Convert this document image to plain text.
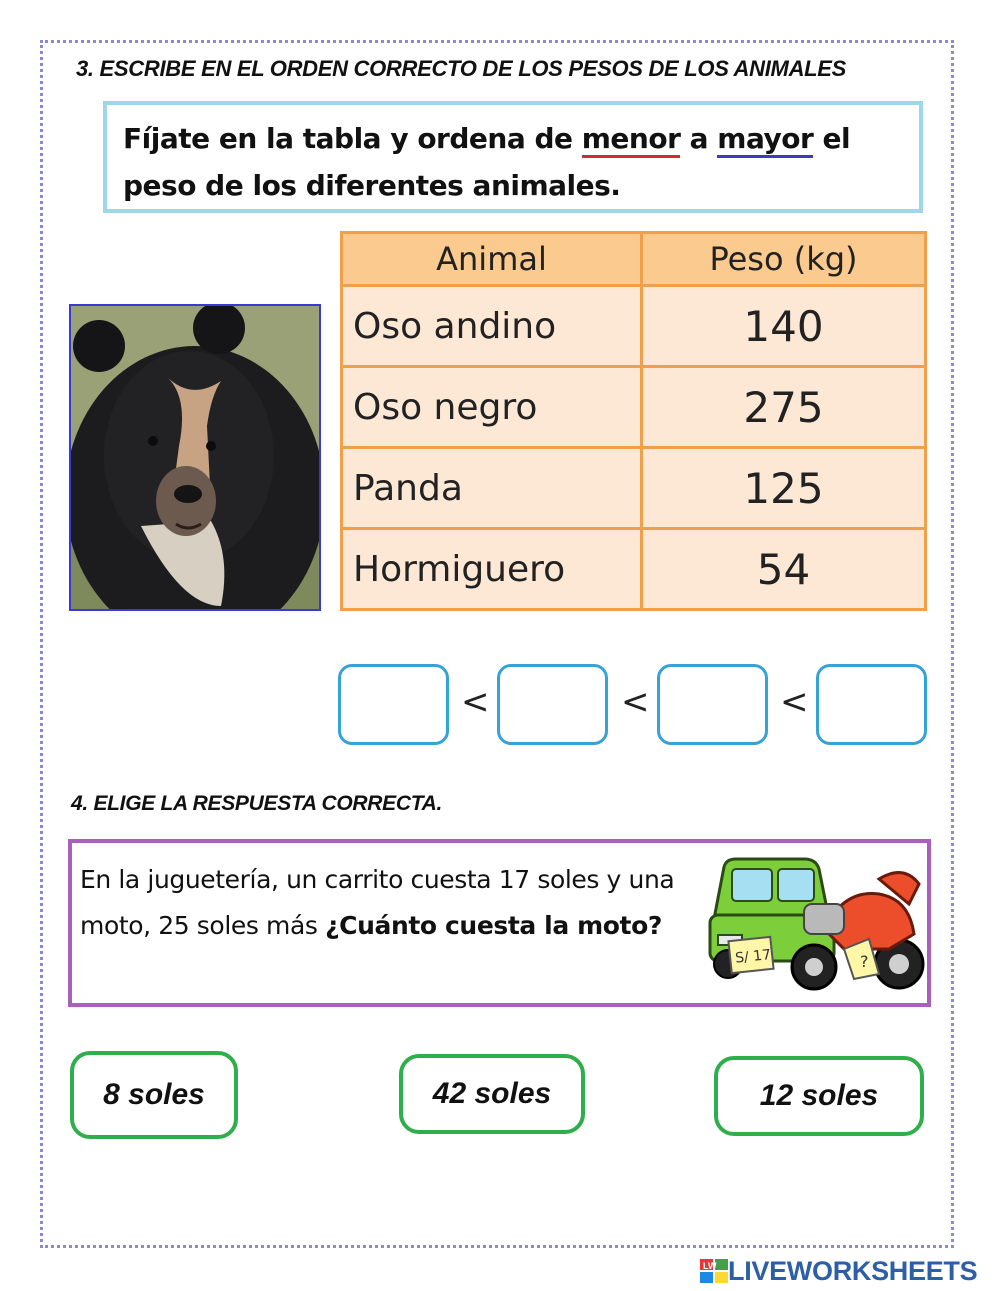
3. ESCRIBE EN EL ORDEN CORRECTO DE LOS PESOS DE LOS ANIMALES
Fíjate en la tabla y ordena de menor a mayor el peso de los diferentes animales.
Animal	Peso (kg)
Oso andino	140
Oso negro	275
Panda	125
Hormiguero	54
<	<	<
4. ELIGE LA RESPUESTA CORRECTA.
En la juguetería, un carrito cuesta 17 soles y una moto, 25 soles más ¿Cuánto cuesta la moto?
S/ 17	?
8 soles	42 soles	12 soles
LW LIVEWORKSHEETS
